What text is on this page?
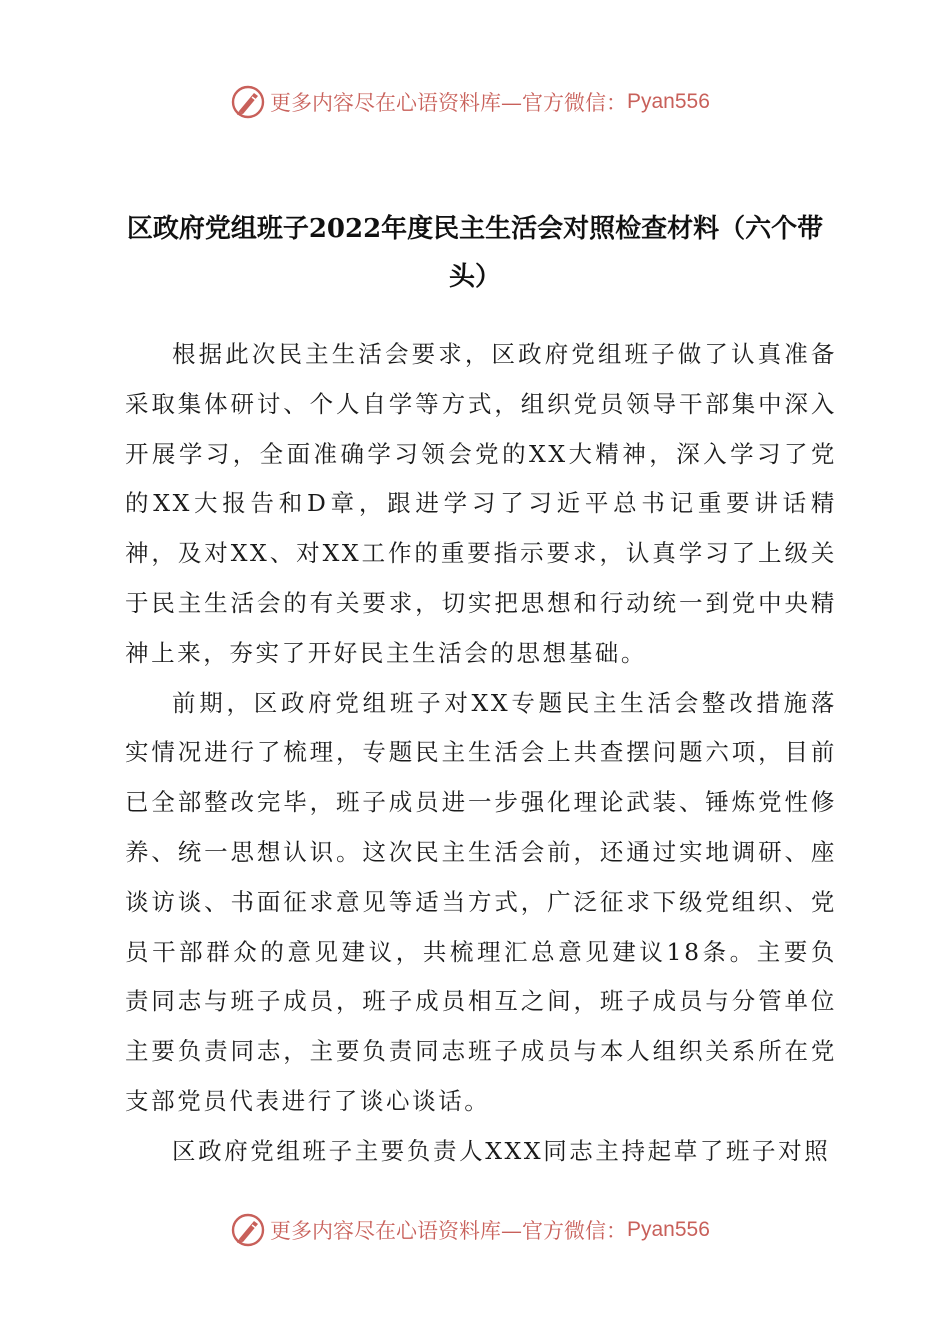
更多内容尽在心语资料库—官方微信： Pyan556
区政府党组班子2022年度民主生活会对照检查材料（六个带头）

根据此次民主生活会要求，区政府党组班子做了认真准备采取集体研讨、个人自学等方式，组织党员领导干部集中深入开展学习，全面准确学习领会党的XX大精神，深入学习了党的XX大报告和D章，跟进学习了习近平总书记重要讲话精神，及对XX、对XX工作的重要指示要求，认真学习了上级关于民主生活会的有关要求，切实把思想和行动统一到党中央精神上来，夯实了开好民主生活会的思想基础。

前期，区政府党组班子对XX专题民主生活会整改措施落实情况进行了梳理，专题民主生活会上共查摆问题六项，目前已全部整改完毕，班子成员进一步强化理论武装、锤炼党性修养、统一思想认识。这次民主生活会前，还通过实地调研、座谈访谈、书面征求意见等适当方式，广泛征求下级党组织、党员干部群众的意见建议，共梳理汇总意见建议18条。主要负责同志与班子成员，班子成员相互之间，班子成员与分管单位主要负责同志，主要负责同志班子成员与本人组织关系所在党支部党员代表进行了谈心谈话。

区政府党组班子主要负责人XXX同志主持起草了班子对照

更多内容尽在心语资料库—官方微信： Pyan556
